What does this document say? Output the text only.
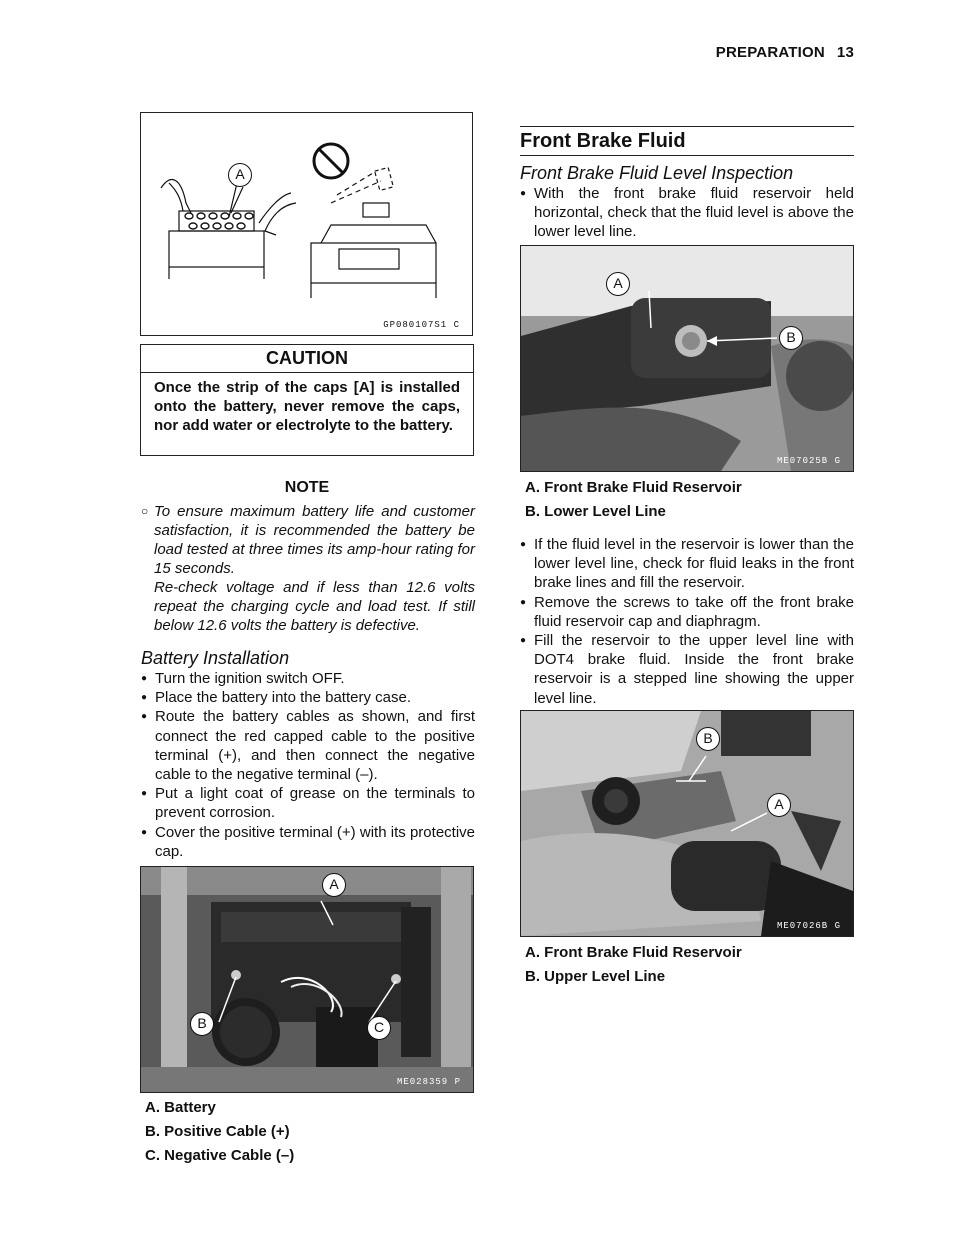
PREPARATION 13
A
GP080107S1 C
CAUTION
Once the strip of the caps [A] is installed onto the battery, never remove the caps, nor add water or electrolyte to the battery.
NOTE
○ To ensure maximum battery life and customer satisfaction, it is recommended the battery be load tested at three times its amp-hour rating for 15 seconds.

Re-check voltage and if less than 12.6 volts repeat the charging cycle and load test. If still below 12.6 volts the battery is defective.

Battery Installation
● Turn the ignition switch OFF.
● Place the battery into the battery case.
● Route the battery cables as shown, and first connect the red capped cable to the positive terminal (+), and then connect the negative cable to the negative terminal (–).
● Put a light coat of grease on the terminals to prevent corrosion.
● Cover the positive terminal (+) with its protective cap.
A
B	C
ME028359 P
A. Battery
B. Positive Cable (+)
C. Negative Cable (–)
Front Brake Fluid
Front Brake Fluid Level Inspection
● With the front brake fluid reservoir held horizontal, check that the fluid level is above the lower level line.
A
B
ME07025B G
A. Front Brake Fluid Reservoir
B. Lower Level Line
● If the fluid level in the reservoir is lower than the lower level line, check for fluid leaks in the front brake lines and fill the reservoir.
● Remove the screws to take off the front brake fluid reservoir cap and diaphragm.
● Fill the reservoir to the upper level line with DOT4 brake fluid. Inside the front brake reservoir is a stepped line showing the upper level line.
B
A
ME07026B G
A. Front Brake Fluid Reservoir
B. Upper Level Line
